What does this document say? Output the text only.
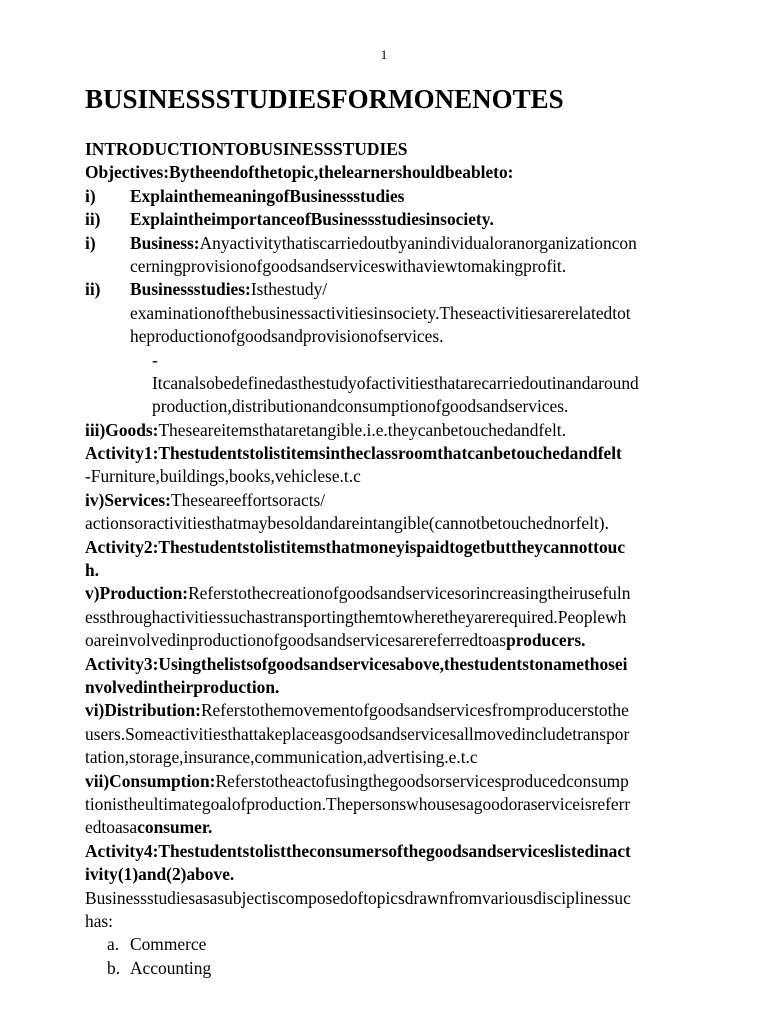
1
BUSINESSSTUDIESFORMONENOTES
INTRODUCTIONTOBUSINESSSTUDIES
Objectives:Bytheendofthetopic,thelearnershouldbeableto:
i)	ExplainthemeaningofBusinessstudies
ii)	ExplaintheimportanceofBusinessstudiesinsociety.
i)	Business:Anyactivitythatiscarriedoutbyanindividualoranorganizationcon
cerningprovisionofgoodsandserviceswithaviewtomakingprofit.
ii)	Businessstudies:Isthestudy/
examinationofthebusinessactivitiesinsociety.Theseactivitiesarerelatedtot
heproductionofgoodsandprovisionofservices.
-
Itcanalsobedefinedasthestudyofactivitiesthatarecarriedoutinandaround
production,distributionandconsumptionofgoodsandservices.
iii)Goods:Theseareitemsthataretangible.i.e.theycanbetouchedandfelt.
Activity1:Thestudentstolistitemsintheclassroomthatcanbetouchedandfelt
-Furniture,buildings,books,vehiclese.t.c
iv)Services:Theseareeffortsoracts/
actionsoractivitiesthatmaybesoldandareintangible(cannotbetouchednorfelt).
Activity2:Thestudentstolistitemsthatmoneyispaidtogetbuttheycannottouc
h.
v)Production:Referstothecreationofgoodsandservicesorincreasingtheirusefuln
essthroughactivitiessuchastransportingthemtowheretheyarerequired.Peoplewh
oareinvolvedinproductionofgoodsandservicesarereferredtoasproducers.
Activity3:Usingthelistsofgoodsandservicesabove,thestudentstonamethosei
nvolvedintheirproduction.
vi)Distribution:Referstothemovementofgoodsandservicesfromproducerstothe
users.Someactivitiesthattakeplaceasgoodsandservicesallmovedincludetranspor
tation,storage,insurance,communication,advertising.e.t.c
vii)Consumption:Referstotheactofusingthegoodsorservicesproducedconsump
tionistheultimategoalofproduction.Thepersonswhousesagoodoraserviceisreferr
edtoasaconsumer.
Activity4:Thestudentstolisttheconsumersofthegoodsandserviceslistedinact
ivity(1)and(2)above.
Businessstudiesasasubjectiscomposedoftopicsdrawnfromvariousdisciplinessuc
has:
a. Commerce
b. Accounting
